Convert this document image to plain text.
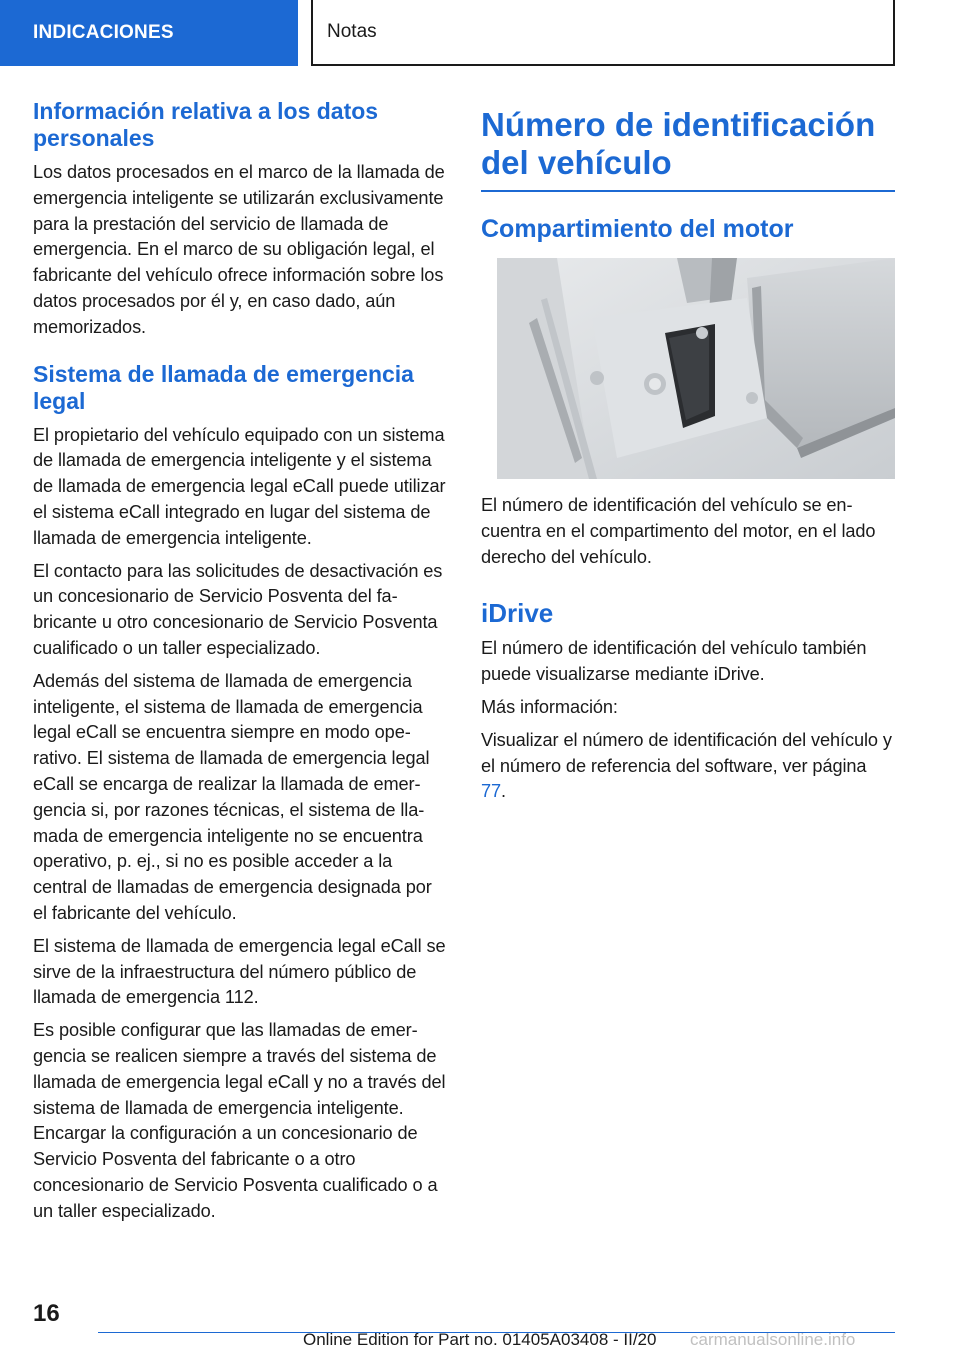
INDICACIONES	Notas
Información relativa a los datos personales

Los datos procesados en el marco de la llamada de emergencia inteligente se utilizarán exclusivamente para la prestación del servicio de llamada de emergencia. En el marco de su obligación legal, el fabricante del vehículo ofrece información sobre los datos procesados por él y, en caso dado, aún memorizados.

Sistema de llamada de emergencia legal

El propietario del vehículo equipado con un sistema de llamada de emergencia inteligente y el sistema de llamada de emergencia legal eCall puede utilizar el sistema eCall integrado en lugar del sistema de llamada de emergencia inteligente.

El contacto para las solicitudes de desactivación es un concesionario de Servicio Posventa del fabricante u otro concesionario de Servicio Posventa cualificado o un taller especializado.

Además del sistema de llamada de emergencia inteligente, el sistema de llamada de emergencia legal eCall se encuentra siempre en modo operativo. El sistema de llamada de emergencia legal eCall se encarga de realizar la llamada de emergencia si, por razones técnicas, el sistema de llamada de emergencia inteligente no se encuentra operativo, p. ej., si no es posible acceder a la central de llamadas de emergencia designada por el fabricante del vehículo.

El sistema de llamada de emergencia legal eCall se sirve de la infraestructura del número público de llamada de emergencia 112.

Es posible configurar que las llamadas de emergencia se realicen siempre a través del sistema de llamada de emergencia legal eCall y no a través del sistema de llamada de emergencia inteligente. Encargar la configuración a un concesionario de Servicio Posventa del fabricante o a otro concesionario de Servicio Posventa cualificado o a un taller especializado.

Número de identificación del vehículo
Compartimiento del motor

El número de identificación del vehículo se encuentra en el compartimento del motor, en el lado derecho del vehículo.

iDrive

El número de identificación del vehículo también puede visualizarse mediante iDrive.

Más información:

Visualizar el número de identificación del vehículo y el número de referencia del software, ver página 77.

16
Online Edition for Part no. 01405A03408 - II/20 carmanualsonline.info
